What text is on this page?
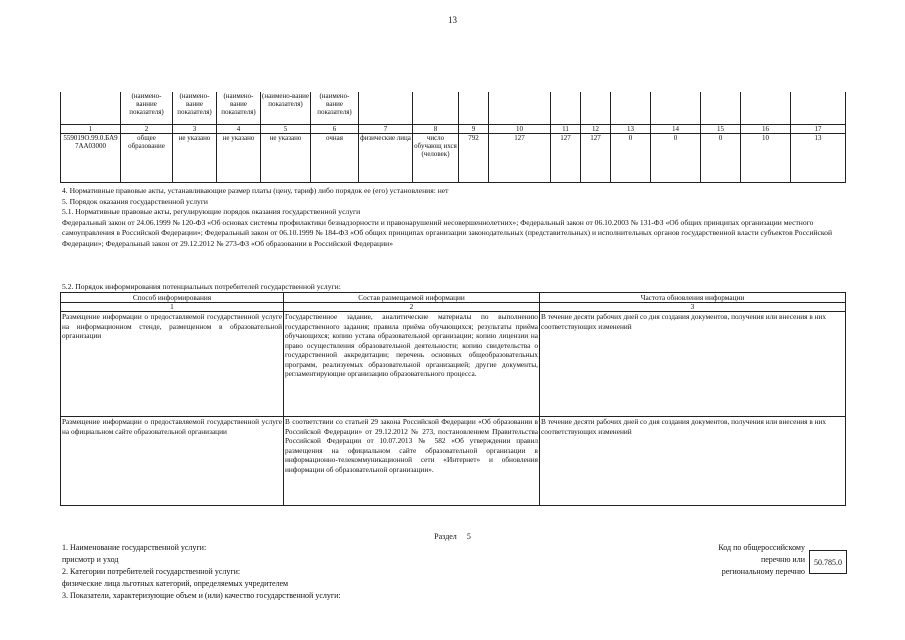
13
	(наимено-ванние показателя)	(наимено-вание показателя)	(наимено-вание показателя)	(наимено-вание показателя)	(наимено-вание показателя)											
1	2	3	4	5	6	7	8	9	10	11	12	13	14	15	16	17
559019О.99.0.БА97АА03000	общее образование	не указано	не указано	не указано	очная	физические лица	число обучающ ихся (человек)	792	127	127	127	0	0	0	10	13

4. Нормативные правовые акты, устанавливающие размер платы (цену, тариф) либо порядок ее (его) установления: нет

5. Порядок оказания государственной услуги

5.1. Нормативные правовые акты, регулирующие порядок оказания государственной услуги

Федеральный закон от 24.06.1999 № 120-ФЗ «Об основах системы профилактики безнадзорности и правонарушений несовершеннолетних»; Федеральный закон от 06.10.2003 № 131-ФЗ «Об общих принципах организации местного самоуправления в Российской Федерации»; Федеральный закон от 06.10.1999 № 184-ФЗ «Об общих принципах организации законодательных (представительных) и исполнительных органов государственной власти субъектов Российской Федерации»; Федеральный закон от 29.12.2012 № 273-ФЗ «Об образовании в Российской Федерации»

5.2. Порядок информирования потенциальных потребителей государственной услуги:
Способ информирования	Состав размещаемой информации	Частота обновления информации
1	2	3
Размещение информации о предоставляемой государственной услуге на информационном стенде, размещенном в образовательной организации	Государственное задание, аналитические материалы по выполнению государственного задания; правила приёма обучающихся; результаты приёма обучающихся; копию устава образовательной организации; копию лицензии на право осуществления образовательной деятельности; копию свидетельства о государственной аккредитации; перечень основных общеобразовательных программ, реализуемых образовательной организацией; другие документы, регламентирующие организацию образовательного процесса.	В течение десяти рабочих дней со дня создания документов, получения или внесения в них соответствующих изменений
Размещение информации о предоставляемой государственной услуге на официальном сайте образовательной организации	В соответствии со статьей 29 закона Российской Федерации «Об образовании в Российской Федерации» от 29.12.2012 № 273, постановлением Правительства Российской Федерации от 10.07.2013 № 582 «Об утверждении правил размещения на официальном сайте образовательной организации в информационно-телекоммуникационной сети «Интернет» и обновления информации об образовательной организации».	В течение десяти рабочих дней со дня создания документов, получения или внесения в них соответствующих изменений
Раздел 5

1. Наименование государственной услуги:

присмотр и уход

2. Категории потребителей государственной услуги:

физические лица льготных категорий, определяемых учредителем

3. Показатели, характеризующие объем и (или) качество государственной услуги:

Код по общероссийскому
перечню или
региональному перечню
50.785.0
